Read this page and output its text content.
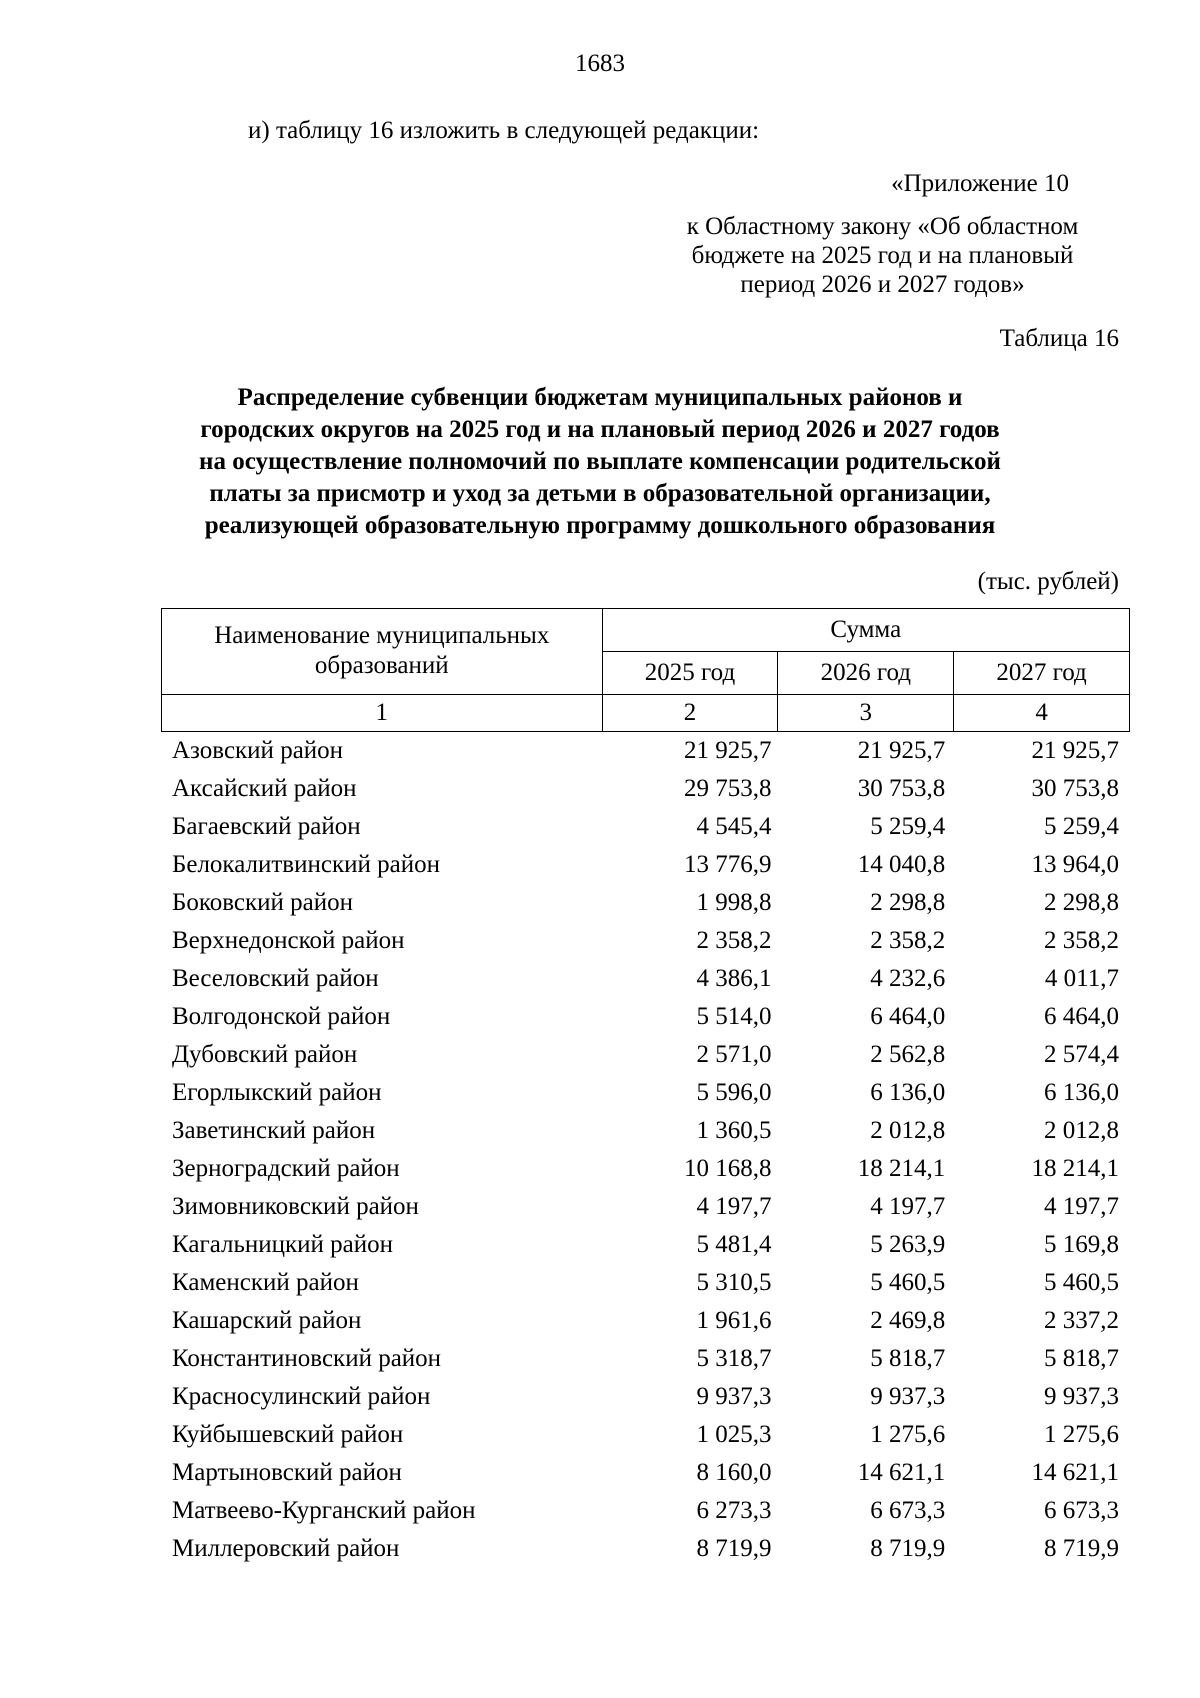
1683
и) таблицу 16 изложить в следующей редакции:
«Приложение 10
к Областному закону «Об областном
бюджете на 2025 год и на плановый
период 2026 и 2027 годов»
Таблица 16
Распределение субвенции бюджетам муниципальных районов и
городских округов на 2025 год и на плановый период 2026 и 2027 годов
на осуществление полномочий по выплате компенсации родительской
платы за присмотр и уход за детьми в образовательной организации,
реализующей образовательную программу дошкольного образования
(тыс. рублей)
Наименование муниципальных
образований	Сумма		
	2025 год	2026 год	2027 год
1	2	3	4
Азовский район	21 925,7	21 925,7	21 925,7
Аксайский район	29 753,8	30 753,8	30 753,8
Багаевский район	4 545,4	5 259,4	5 259,4
Белокалитвинский район	13 776,9	14 040,8	13 964,0
Боковский район	1 998,8	2 298,8	2 298,8
Верхнедонской район	2 358,2	2 358,2	2 358,2
Веселовский район	4 386,1	4 232,6	4 011,7
Волгодонской район	5 514,0	6 464,0	6 464,0
Дубовский район	2 571,0	2 562,8	2 574,4
Егорлыкский район	5 596,0	6 136,0	6 136,0
Заветинский район	1 360,5	2 012,8	2 012,8
Зерноградский район	10 168,8	18 214,1	18 214,1
Зимовниковский район	4 197,7	4 197,7	4 197,7
Кагальницкий район	5 481,4	5 263,9	5 169,8
Каменский район	5 310,5	5 460,5	5 460,5
Кашарский район	1 961,6	2 469,8	2 337,2
Константиновский район	5 318,7	5 818,7	5 818,7
Красносулинский район	9 937,3	9 937,3	9 937,3
Куйбышевский район	1 025,3	1 275,6	1 275,6
Мартыновский район	8 160,0	14 621,1	14 621,1
Матвеево-Курганский район	6 273,3	6 673,3	6 673,3
Миллеровский район	8 719,9	8 719,9	8 719,9
